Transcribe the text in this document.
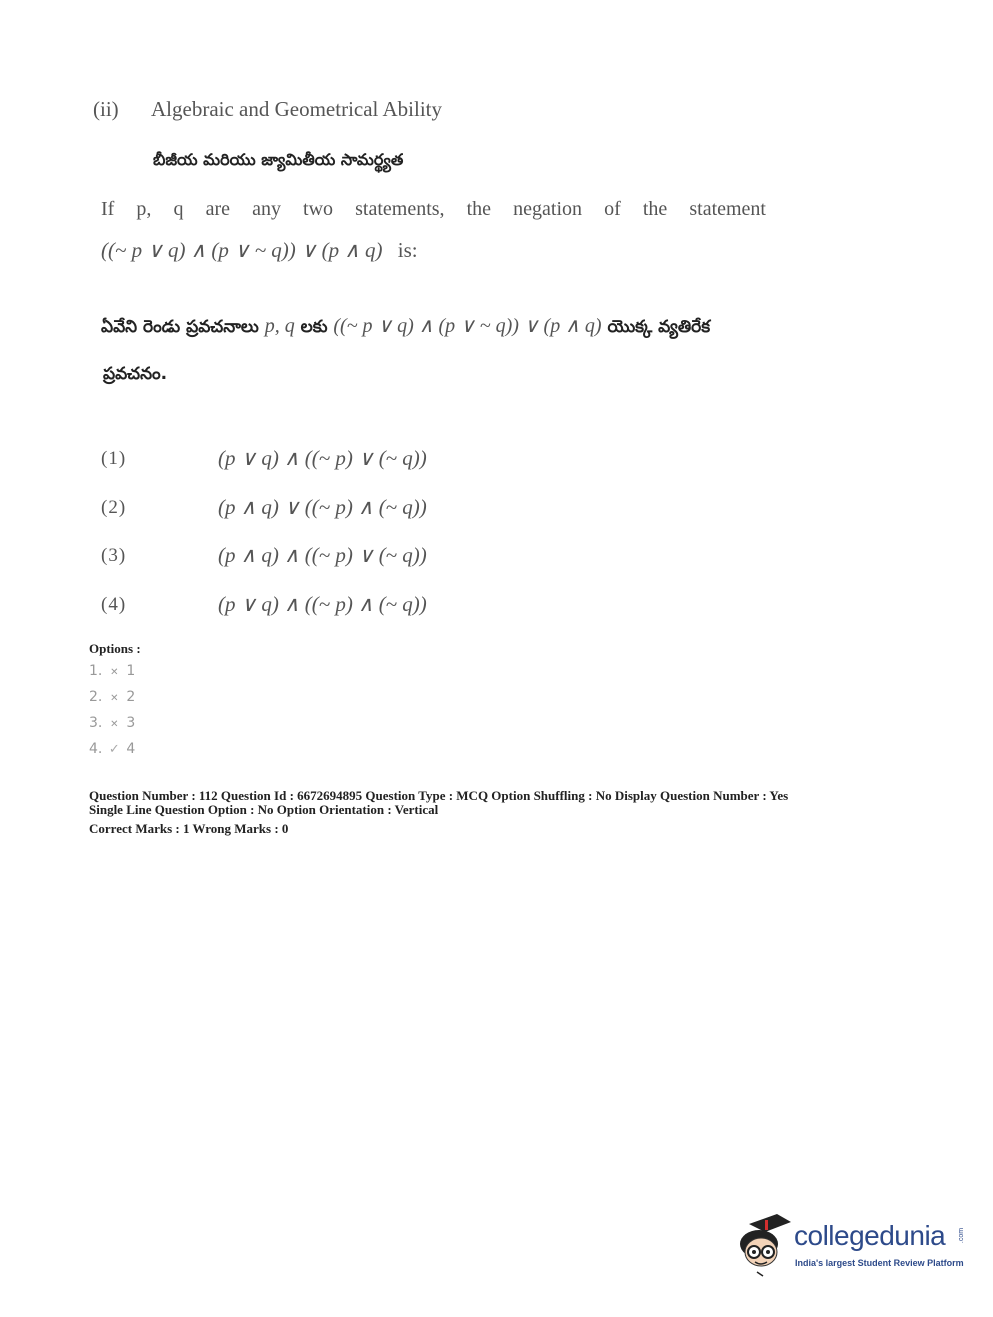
(ii) Algebraic and Geometrical Ability
బీజీయ మరియు జ్యామితీయ సామర్థ్యత
If p, q are any two statements, the negation of the statement
((~ p ∨ q) ∧ (p ∨ ~ q)) ∨ (p ∧ q) is:
ఏవేని రెండు ప్రవచనాలు p, q లకు ((~ p ∨ q) ∧ (p ∨ ~ q)) ∨ (p ∧ q) యొక్క వ్యతిరేక
ప్రవచనం.
(1)	(p ∨ q) ∧ ((~ p) ∨ (~ q))
(2)	(p ∧ q) ∨ ((~ p) ∧ (~ q))
(3)	(p ∧ q) ∧ ((~ p) ∨ (~ q))
(4)	(p ∨ q) ∧ ((~ p) ∧ (~ q))
Options :
1. ✕ 1
2. ✕ 2
3. ✕ 3
4. ✓ 4
Question Number : 112 Question Id : 6672694895 Question Type : MCQ Option Shuffling : No Display Question Number : Yes
Single Line Question Option : No Option Orientation : Vertical
Correct Marks : 1 Wrong Marks : 0
collegedunia .com
India's largest Student Review Platform
